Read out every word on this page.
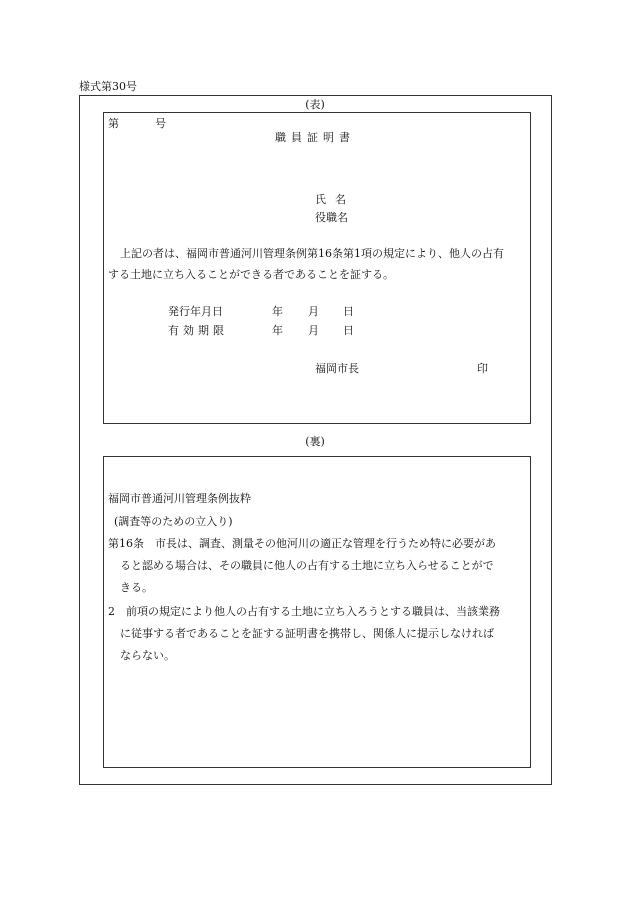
様式第30号
(表)
第	号
職員証明書
氏名
役職名
上記の者は、福岡市普通河川管理条例第16条第1項の規定により、他人の占有
する土地に立ち入ることができる者であることを証する。
発行年月日	年 月 日
有効期限	年 月 日
福岡市長	印
(裏)
福岡市普通河川管理条例抜粋
(調査等のための立入り)
第16条　市長は、調査、測量その他河川の適正な管理を行うため特に必要があ
ると認める場合は、その職員に他人の占有する土地に立ち入らせることがで
きる。
2　前項の規定により他人の占有する土地に立ち入ろうとする職員は、当該業務
に従事する者であることを証する証明書を携帯し、関係人に提示しなければ
ならない。
